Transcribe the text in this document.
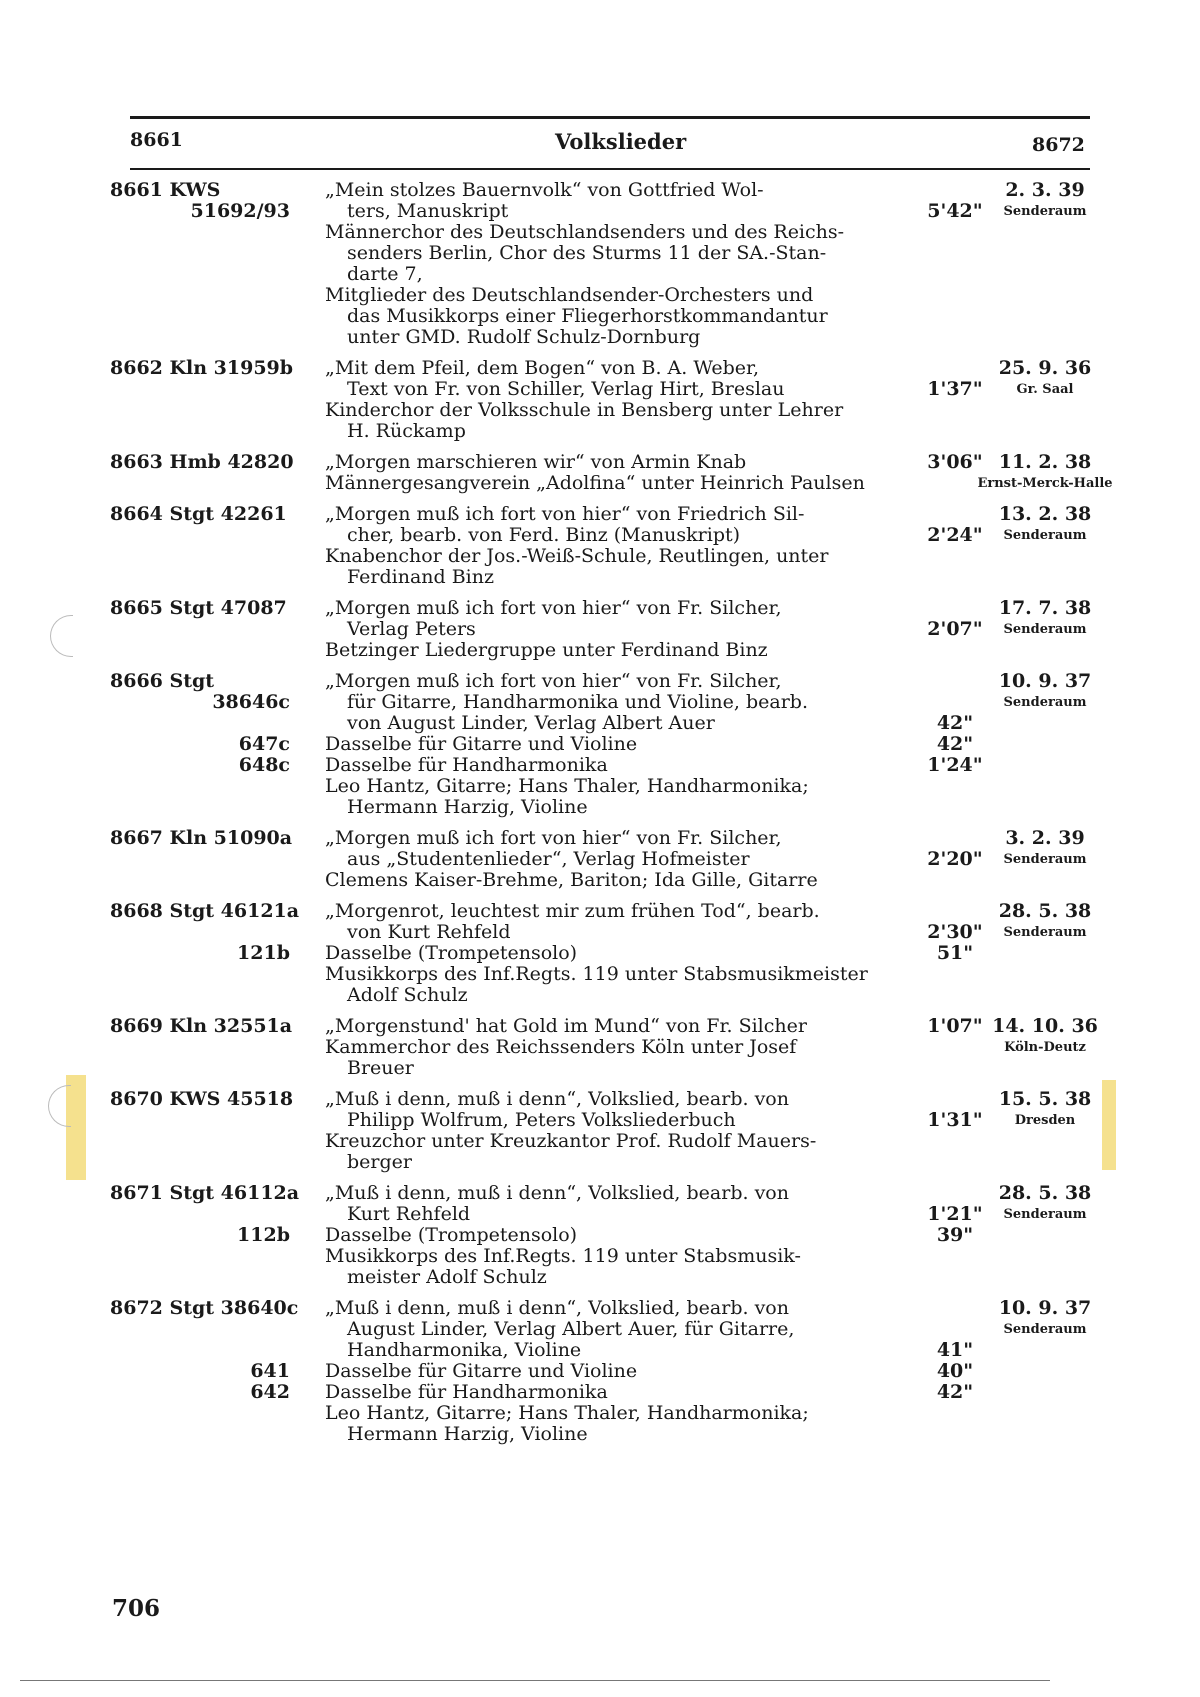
8661	Volkslieder	8672
8661 KWS	„Mein stolzes Bauernvolk“ von Gottfried Wol-	2. 3. 39
51692/93	ters, Manuskript	5'42"	Senderaum
Männerchor des Deutschlandsenders und des Reichs-
senders Berlin, Chor des Sturms 11 der SA.-Stan-
darte 7,
Mitglieder des Deutschlandsender-Orchesters und
das Musikkorps einer Fliegerhorstkommandantur
unter GMD. Rudolf Schulz-Dornburg
8662 Kln 31959b „Mit dem Pfeil, dem Bogen“ von B. A. Weber,	25. 9. 36
Text von Fr. von Schiller, Verlag Hirt, Breslau	1'37"	Gr. Saal
Kinderchor der Volksschule in Bensberg unter Lehrer
H. Rückamp
8663 Hmb 42820 „Morgen marschieren wir“ von Armin Knab	3'06" 11. 2. 38
Männergesangverein „Adolfina“ unter Heinrich Paulsen	Ernst-Merck-Halle
8664 Stgt 42261 „Morgen muß ich fort von hier“ von Friedrich Sil-	13. 2. 38
cher, bearb. von Ferd. Binz (Manuskript)	2'24"	Senderaum
Knabenchor der Jos.-Weiß-Schule, Reutlingen, unter
Ferdinand Binz
8665 Stgt 47087 „Morgen muß ich fort von hier“ von Fr. Silcher,	17. 7. 38
Verlag Peters	2'07"	Senderaum
Betzinger Liedergruppe unter Ferdinand Binz
8666 Stgt	„Morgen muß ich fort von hier“ von Fr. Silcher,	10. 9. 37
38646c	für Gitarre, Handharmonika und Violine, bearb.	Senderaum
von August Linder, Verlag Albert Auer	42"
647c Dasselbe für Gitarre und Violine	42"
648c Dasselbe für Handharmonika	1'24"
Leo Hantz, Gitarre; Hans Thaler, Handharmonika;
Hermann Harzig, Violine
8667 Kln 51090a „Morgen muß ich fort von hier“ von Fr. Silcher,	3. 2. 39
aus „Studentenlieder“, Verlag Hofmeister	2'20"	Senderaum
Clemens Kaiser-Brehme, Bariton; Ida Gille, Gitarre
8668 Stgt 46121a „Morgenrot, leuchtest mir zum frühen Tod“, bearb.	28. 5. 38
von Kurt Rehfeld	2'30"	Senderaum
121b Dasselbe (Trompetensolo)	51"
Musikkorps des Inf.Regts. 119 unter Stabsmusikmeister
Adolf Schulz
8669 Kln 32551a „Morgenstund' hat Gold im Mund“ von Fr. Silcher	1'07" 14. 10. 36
Kammerchor des Reichssenders Köln unter Josef	Köln-Deutz
Breuer
8670 KWS 45518 „Muß i denn, muß i denn“, Volkslied, bearb. von	15. 5. 38
Philipp Wolfrum, Peters Volksliederbuch	1'31"	Dresden
Kreuzchor unter Kreuzkantor Prof. Rudolf Mauers-
berger
8671 Stgt 46112a „Muß i denn, muß i denn“, Volkslied, bearb. von	28. 5. 38
Kurt Rehfeld	1'21"	Senderaum
112b Dasselbe (Trompetensolo)	39"
Musikkorps des Inf.Regts. 119 unter Stabsmusik-
meister Adolf Schulz
8672 Stgt 38640c „Muß i denn, muß i denn“, Volkslied, bearb. von	10. 9. 37
August Linder, Verlag Albert Auer, für Gitarre,	Senderaum
Handharmonika, Violine	41"
641 Dasselbe für Gitarre und Violine	40"
642 Dasselbe für Handharmonika	42"
Leo Hantz, Gitarre; Hans Thaler, Handharmonika;
Hermann Harzig, Violine
706
